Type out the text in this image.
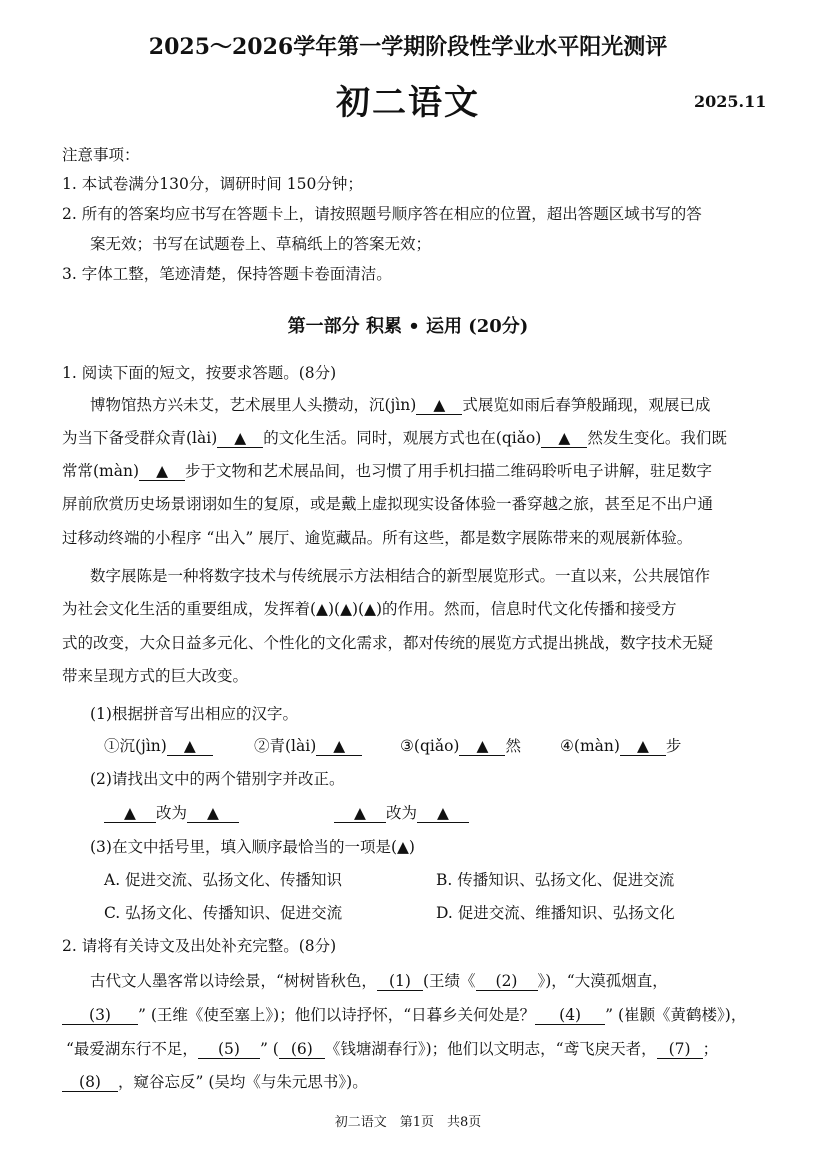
2025～2026学年第一学期阶段性学业水平阳光测评
初二语文	2025.11
注意事项：
1. 本试卷满分130分，调研时间 150分钟；
2. 所有的答案均应书写在答题卡上，请按照题号顺序答在相应的位置，超出答题区域书写的答
案无效；书写在试题卷上、草稿纸上的答案无效；
3. 字体工整，笔迹清楚，保持答题卡卷面清洁。
第一部分 积累 • 运用 (20分)
1. 阅读下面的短文，按要求答题。(8分)
博物馆热方兴未艾，艺术展里人头攒动，沉(jìn) ▲ 式展览如雨后春笋般踊现，观展已成
为当下备受群众青(lài) ▲ 的文化生活。同时，观展方式也在(qiǎo) ▲ 然发生变化。我们既
常常(màn) ▲ 步于文物和艺术展品间，也习惯了用手机扫描二维码聆听电子讲解，驻足数字
屏前欣赏历史场景诩诩如生的复原，或是戴上虚拟现实设备体验一番穿越之旅，甚至足不出户通
过移动终端的小程序 “出入” 展厅、逾览藏品。所有这些，都是数字展陈带来的观展新体验。
数字展陈是一种将数字技术与传统展示方法相结合的新型展览形式。一直以来，公共展馆作
为社会文化生活的重要组成，发挥着(▲)(▲)(▲)的作用。然而，信息时代文化传播和接受方
式的改变，大众日益多元化、个性化的文化需求，都对传统的展览方式提出挑战，数字技术无疑
带来呈现方式的巨大改变。
(1)根据拼音写出相应的汉字。
①沉(jìn) ▲	②青(lài) ▲	③(qiǎo) ▲ 然	④(màn) ▲ 步
(2)请找出文中的两个错别字并改正。
▲ 改为 ▲	▲ 改为 ▲
(3)在文中括号里，填入顺序最恰当的一项是(▲)
A. 促进交流、弘扬文化、传播知识	B. 传播知识、弘扬文化、促进交流
C. 弘扬文化、传播知识、促进交流	D. 促进交流、维播知识、弘扬文化
2. 请将有关诗文及出处补充完整。(8分)
古代文人墨客常以诗绘景，“树树皆秋色， (1) (王绩《 (2) 》)，“大漠孤烟直，
(3) ” (王维《使至塞上》)；他们以诗抒怀，“日暮乡关何处是？ (4) ” (崔颢《黄鹤楼》)，
“最爱湖东行不足， (5) ” ( (6) 《钱塘湖春行》)；他们以文明志，“鸢飞戾天者， (7) ；
(8) ，窥谷忘反” (吴均《与朱元思书》)。
初二语文　第1页　共8页
